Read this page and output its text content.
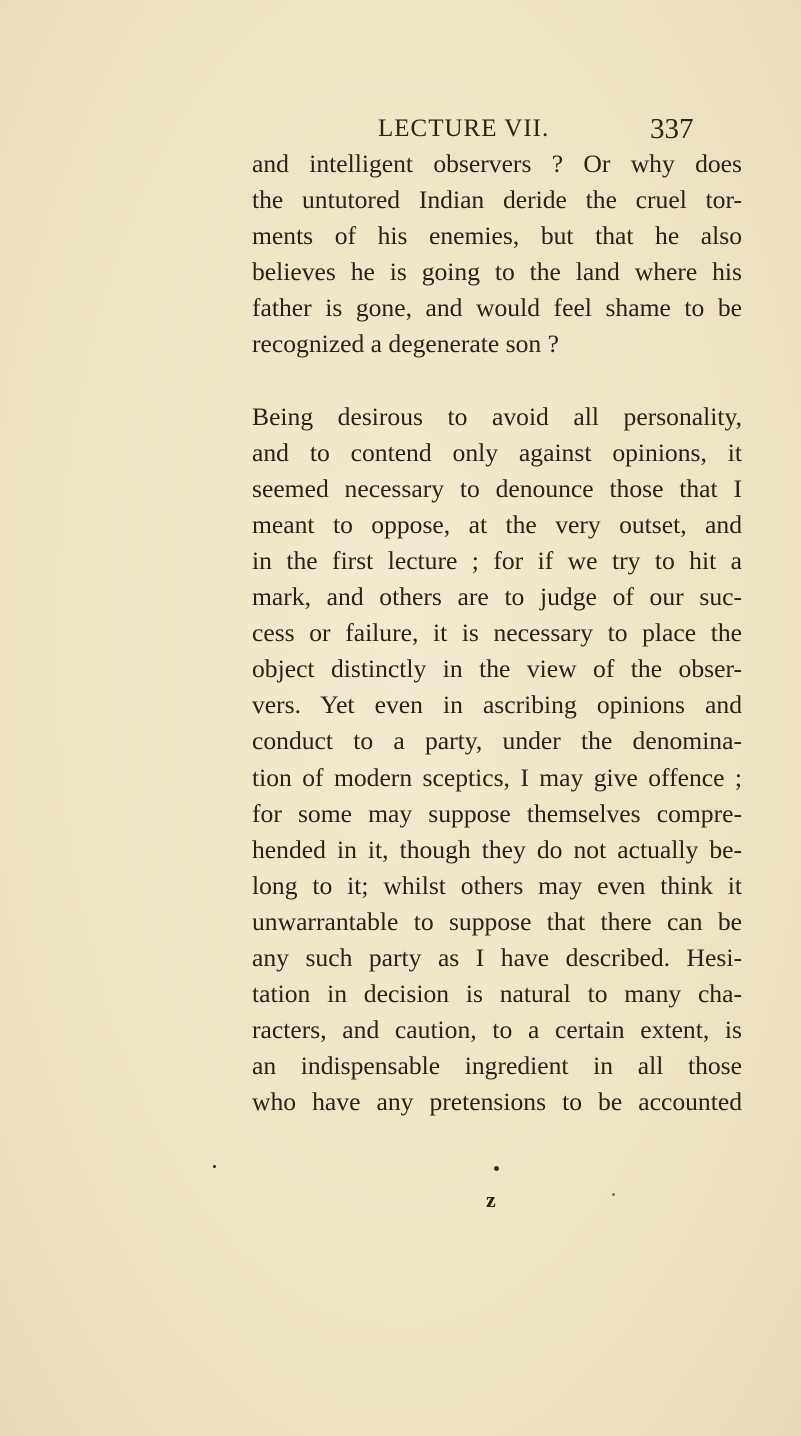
LECTURE VII.	337
and intelligent observers ? Or why does
the untutored Indian deride the cruel tor-
ments of his enemies, but that he also
believes he is going to the land where his
father is gone, and would feel shame to be
recognized a degenerate son ?
Being desirous to avoid all personality,
and to contend only against opinions, it
seemed necessary to denounce those that I
meant to oppose, at the very outset, and
in the first lecture ; for if we try to hit a
mark, and others are to judge of our suc-
cess or failure, it is necessary to place the
object distinctly in the view of the obser-
vers. Yet even in ascribing opinions and
conduct to a party, under the denomina-
tion of modern sceptics, I may give offence ;
for some may suppose themselves compre-
hended in it, though they do not actually be-
long to it; whilst others may even think it
unwarrantable to suppose that there can be
any such party as I have described. Hesi-
tation in decision is natural to many cha-
racters, and caution, to a certain extent, is
an indispensable ingredient in all those
who have any pretensions to be accounted
z
